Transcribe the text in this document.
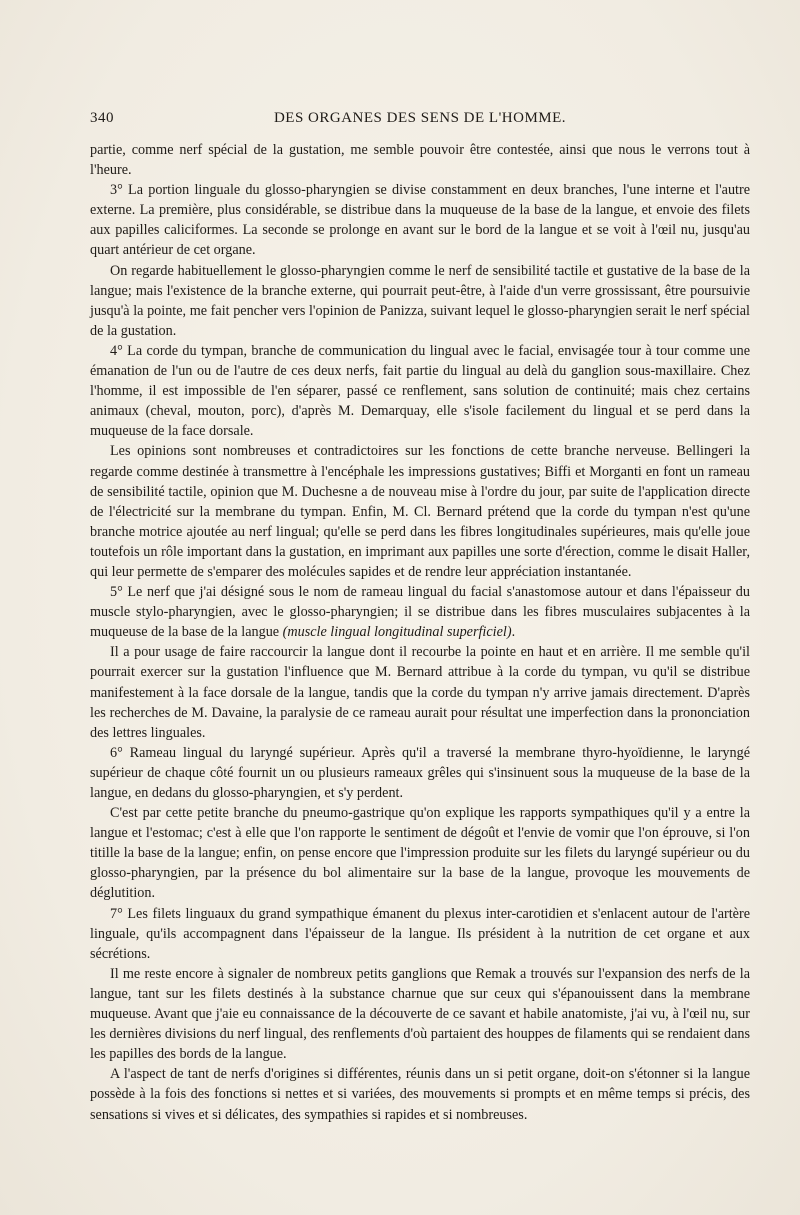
340	DES ORGANES DES SENS DE L'HOMME.

partie, comme nerf spécial de la gustation, me semble pouvoir être contestée, ainsi que nous le verrons tout à l'heure.

3° La portion linguale du glosso-pharyngien se divise constamment en deux branches, l'une interne et l'autre externe. La première, plus considérable, se distribue dans la muqueuse de la base de la langue, et envoie des filets aux papilles caliciformes. La seconde se prolonge en avant sur le bord de la langue et se voit à l'œil nu, jusqu'au quart antérieur de cet organe.

On regarde habituellement le glosso-pharyngien comme le nerf de sensibilité tactile et gustative de la base de la langue; mais l'existence de la branche externe, qui pourrait peut-être, à l'aide d'un verre grossissant, être poursuivie jusqu'à la pointe, me fait pencher vers l'opinion de Panizza, suivant lequel le glosso-pharyngien serait le nerf spécial de la gustation.

4° La corde du tympan, branche de communication du lingual avec le facial, envisagée tour à tour comme une émanation de l'un ou de l'autre de ces deux nerfs, fait partie du lingual au delà du ganglion sous-maxillaire. Chez l'homme, il est impossible de l'en séparer, passé ce renflement, sans solution de continuité; mais chez certains animaux (cheval, mouton, porc), d'après M. Demarquay, elle s'isole facilement du lingual et se perd dans la muqueuse de la face dorsale.

Les opinions sont nombreuses et contradictoires sur les fonctions de cette branche nerveuse. Bellingeri la regarde comme destinée à transmettre à l'encéphale les impressions gustatives; Biffi et Morganti en font un rameau de sensibilité tactile, opinion que M. Duchesne a de nouveau mise à l'ordre du jour, par suite de l'application directe de l'électricité sur la membrane du tympan. Enfin, M. Cl. Bernard prétend que la corde du tympan n'est qu'une branche motrice ajoutée au nerf lingual; qu'elle se perd dans les fibres longitudinales supérieures, mais qu'elle joue toutefois un rôle important dans la gustation, en imprimant aux papilles une sorte d'érection, comme le disait Haller, qui leur permette de s'emparer des molécules sapides et de rendre leur appréciation instantanée.

5° Le nerf que j'ai désigné sous le nom de rameau lingual du facial s'anastomose autour et dans l'épaisseur du muscle stylo-pharyngien, avec le glosso-pharyngien; il se distribue dans les fibres musculaires subjacentes à la muqueuse de la base de la langue (muscle lingual longitudinal superficiel).

Il a pour usage de faire raccourcir la langue dont il recourbe la pointe en haut et en arrière. Il me semble qu'il pourrait exercer sur la gustation l'influence que M. Bernard attribue à la corde du tympan, vu qu'il se distribue manifestement à la face dorsale de la langue, tandis que la corde du tympan n'y arrive jamais directement. D'après les recherches de M. Davaine, la paralysie de ce rameau aurait pour résultat une imperfection dans la prononciation des lettres linguales.

6° Rameau lingual du laryngé supérieur. Après qu'il a traversé la membrane thyro-hyoïdienne, le laryngé supérieur de chaque côté fournit un ou plusieurs rameaux grêles qui s'insinuent sous la muqueuse de la base de la langue, en dedans du glosso-pharyngien, et s'y perdent.

C'est par cette petite branche du pneumo-gastrique qu'on explique les rapports sympathiques qu'il y a entre la langue et l'estomac; c'est à elle que l'on rapporte le sentiment de dégoût et l'envie de vomir que l'on éprouve, si l'on titille la base de la langue; enfin, on pense encore que l'impression produite sur les filets du laryngé supérieur ou du glosso-pharyngien, par la présence du bol alimentaire sur la base de la langue, provoque les mouvements de déglutition.

7° Les filets linguaux du grand sympathique émanent du plexus inter-carotidien et s'enlacent autour de l'artère linguale, qu'ils accompagnent dans l'épaisseur de la langue. Ils président à la nutrition de cet organe et aux sécrétions.

Il me reste encore à signaler de nombreux petits ganglions que Remak a trouvés sur l'expansion des nerfs de la langue, tant sur les filets destinés à la substance charnue que sur ceux qui s'épanouissent dans la membrane muqueuse. Avant que j'aie eu connaissance de la découverte de ce savant et habile anatomiste, j'ai vu, à l'œil nu, sur les dernières divisions du nerf lingual, des renflements d'où partaient des houppes de filaments qui se rendaient dans les papilles des bords de la langue.

A l'aspect de tant de nerfs d'origines si différentes, réunis dans un si petit organe, doit-on s'étonner si la langue possède à la fois des fonctions si nettes et si variées, des mouvements si prompts et en même temps si précis, des sensations si vives et si délicates, des sympathies si rapides et si nombreuses.
